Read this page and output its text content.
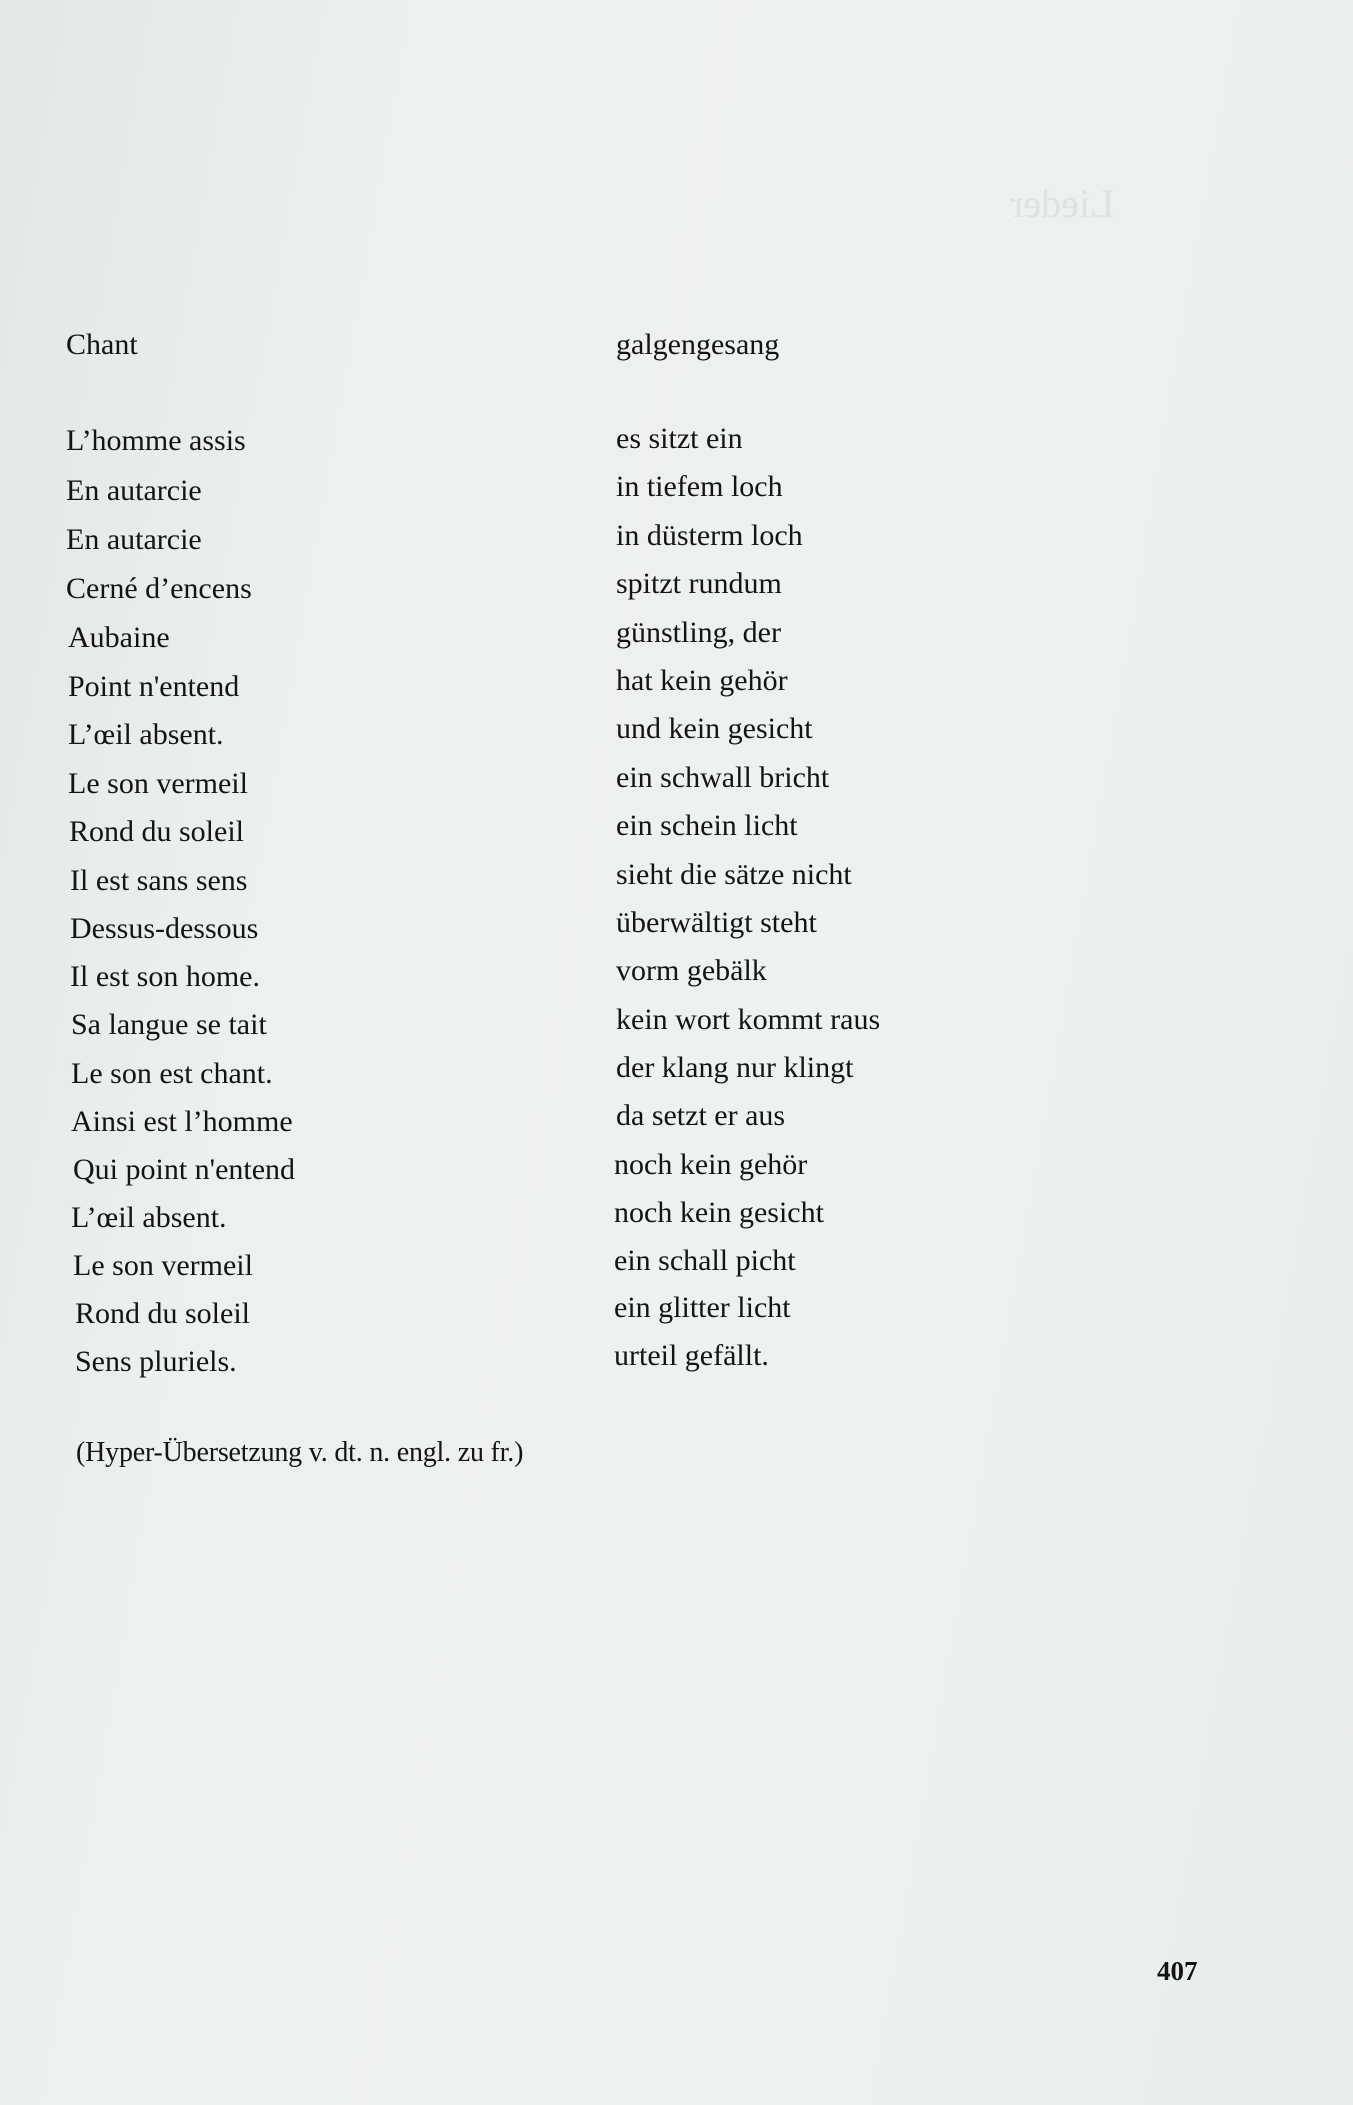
Lieder
Chant
L’homme assis
En autarcie
En autarcie
Cerné d’encens
Aubaine
Point n'entend
L’œil absent.
Le son vermeil
Rond du soleil
Il est sans sens
Dessus-dessous
Il est son home.
Sa langue se tait
Le son est chant.
Ainsi est l’homme
Qui point n'entend
L’œil absent.
Le son vermeil
Rond du soleil
Sens pluriels.
galgengesang
es sitzt ein
in tiefem loch
in düsterm loch
spitzt rundum
günstling, der
hat kein gehör
und kein gesicht
ein schwall bricht
ein schein licht
sieht die sätze nicht
überwältigt steht
vorm gebälk
kein wort kommt raus
der klang nur klingt
da setzt er aus
noch kein gehör
noch kein gesicht
ein schall picht
ein glitter licht
urteil gefällt.
(Hyper-Übersetzung v. dt. n. engl. zu fr.)
407
